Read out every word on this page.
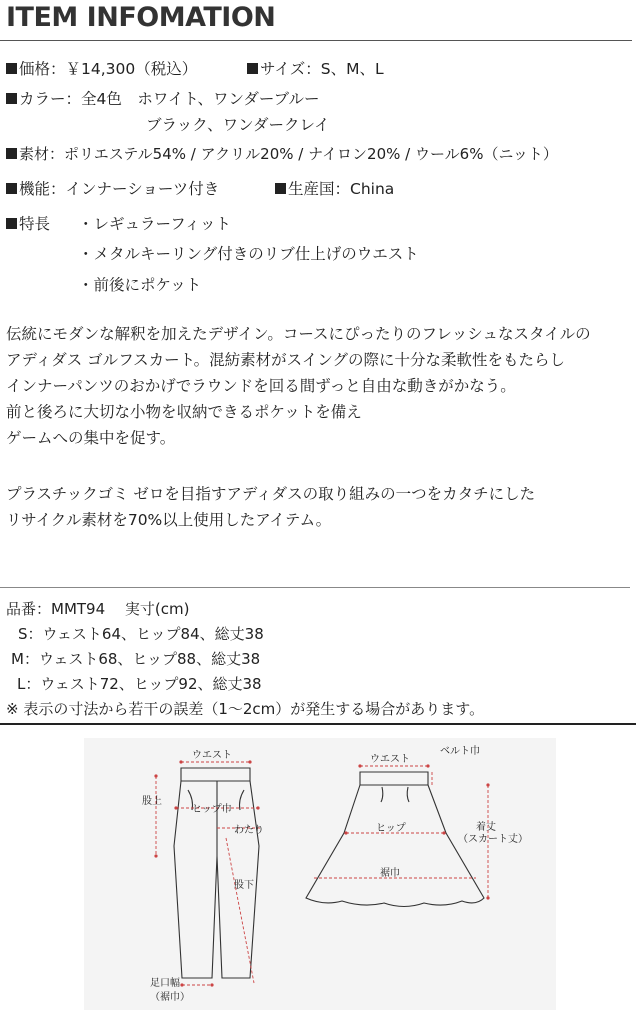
ITEM INFOMATION
価格：￥14,300（税込）	サイズ：S、M、L
カラー：全4色　ホワイト、ワンダーブルー
ブラック、ワンダークレイ
素材：ポリエステル54% / アクリル20% / ナイロン20% / ウール6%（ニット）
機能：インナーショーツ付き	生産国：China
特長 ・レギュラーフィット
・メタルキーリング付きのリブ仕上げのウエスト
・前後にポケット
伝統にモダンな解釈を加えたデザイン。コースにぴったりのフレッシュなスタイルの
アディダス ゴルフスカート。混紡素材がスイングの際に十分な柔軟性をもたらし
インナーパンツのおかげでラウンドを回る間ずっと自由な動きがかなう。
前と後ろに大切な小物を収納できるポケットを備え
ゲームへの集中を促す。
プラスチックゴミ ゼロを目指すアディダスの取り組みの一つをカタチにした
リサイクル素材を70%以上使用したアイテム。
品番：MMT94　 実寸(cm)
S：ウェスト64、ヒップ84、総丈38
M：ウェスト68、ヒップ88、総丈38
L：ウェスト72、ヒップ92、総丈38
※ 表示の寸法から若干の誤差（1〜2cm）が発生する場合があります。
ウエスト
股上
ヒップ巾
わたり
股下
足口幅
（裾巾）
ベルト巾
ウエスト
ヒップ	着丈
（スカート丈）
裾巾
